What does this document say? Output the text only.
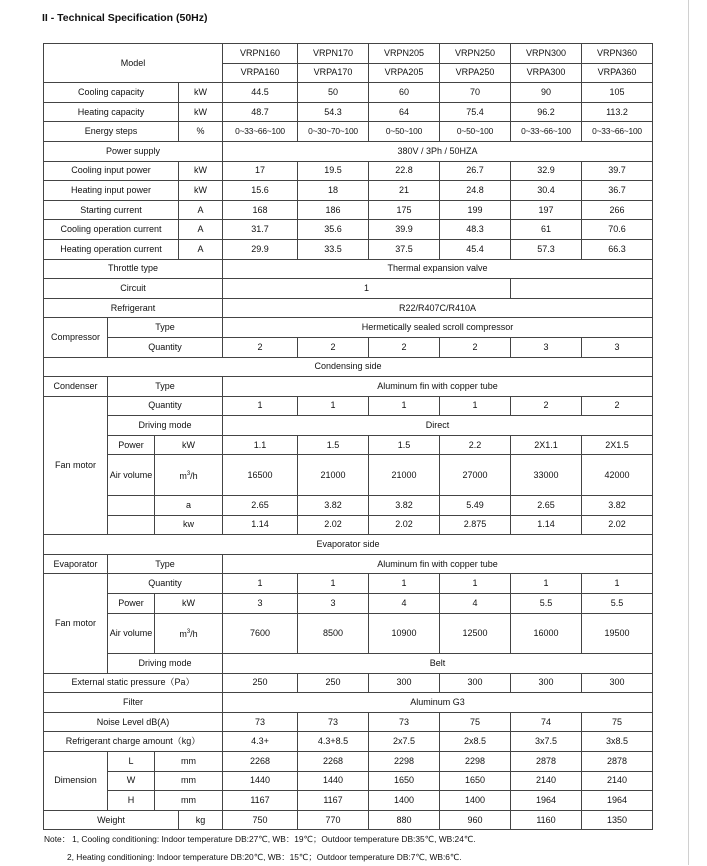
II - Technical Specification (50Hz)
Model				VRPN160	VRPN170	VRPN205	VRPN250	VRPN300	VRPN360
				VRPA160	VRPA170	VRPA205	VRPA250	VRPA300	VRPA360
Cooling capacity			kW	44.5	50	60	70	90	105
Heating capacity			kW	48.7	54.3	64	75.4	96.2	113.2
Energy steps			%	0~33~66~100	0~30~70~100	0~50~100	0~50~100	0~33~66~100	0~33~66~100
Power supply				380V / 3Ph / 50HZA					
Cooling input power			kW	17	19.5	22.8	26.7	32.9	39.7
Heating input power			kW	15.6	18	21	24.8	30.4	36.7
Starting current			A	168	186	175	199	197	266
Cooling operation current			A	31.7	35.6	39.9	48.3	61	70.6
Heating operation current			A	29.9	33.5	37.5	45.4	57.3	66.3
Throttle type				Thermal expansion valve					
Circuit				1					
Refrigerant				R22/R407C/R410A					
Compressor	Type			Hermetically sealed scroll compressor					
	Quantity			2	2	2	2	3	3
Condensing side									
Condenser	Type			Aluminum fin with copper tube					
Fan motor	Quantity			1	1	1	1	2	2
	Driving mode			Direct					
	Power	kW		1.1	1.5	1.5	2.2	2X1.1	2X1.5
	Air volume	$m^3/h$		16500	21000	21000	27000	33000	42000
		a		2.65	3.82	3.82	5.49	2.65	3.82
		kw		1.14	2.02	2.02	2.875	1.14	2.02
Evaporator side									
Evaporator	Type			Aluminum fin with copper tube					
Fan motor	Quantity			1	1	1	1	1	1
	Power	kW		3	3	4	4	5.5	5.5
	Air volume	$m^3/h$		7600	8500	10900	12500	16000	19500
	Driving mode			Belt					
External static pressure（Pa）				250	250	300	300	300	300
Filter				Aluminum G3					
Noise Level dB(A)				73	73	73	75	74	75
Refrigerant charge amount（kg）				4.3+	4.3+8.5	2x7.5	2x8.5	3x7.5	3x8.5
Dimension	L	mm		2268	2268	2298	2298	2878	2878
	W	mm		1440	1440	1650	1650	2140	2140
	H	mm		1167	1167	1400	1400	1964	1964
Weight			kg	750	770	880	960	1160	1350
Note： 1, Cooling conditioning: Indoor temperature DB:27℃, WB：19℃；Outdoor temperature DB:35℃, WB:24℃.
2, Heating conditioning: Indoor temperature DB:20℃, WB：15℃；Outdoor temperature DB:7℃, WB:6℃.
